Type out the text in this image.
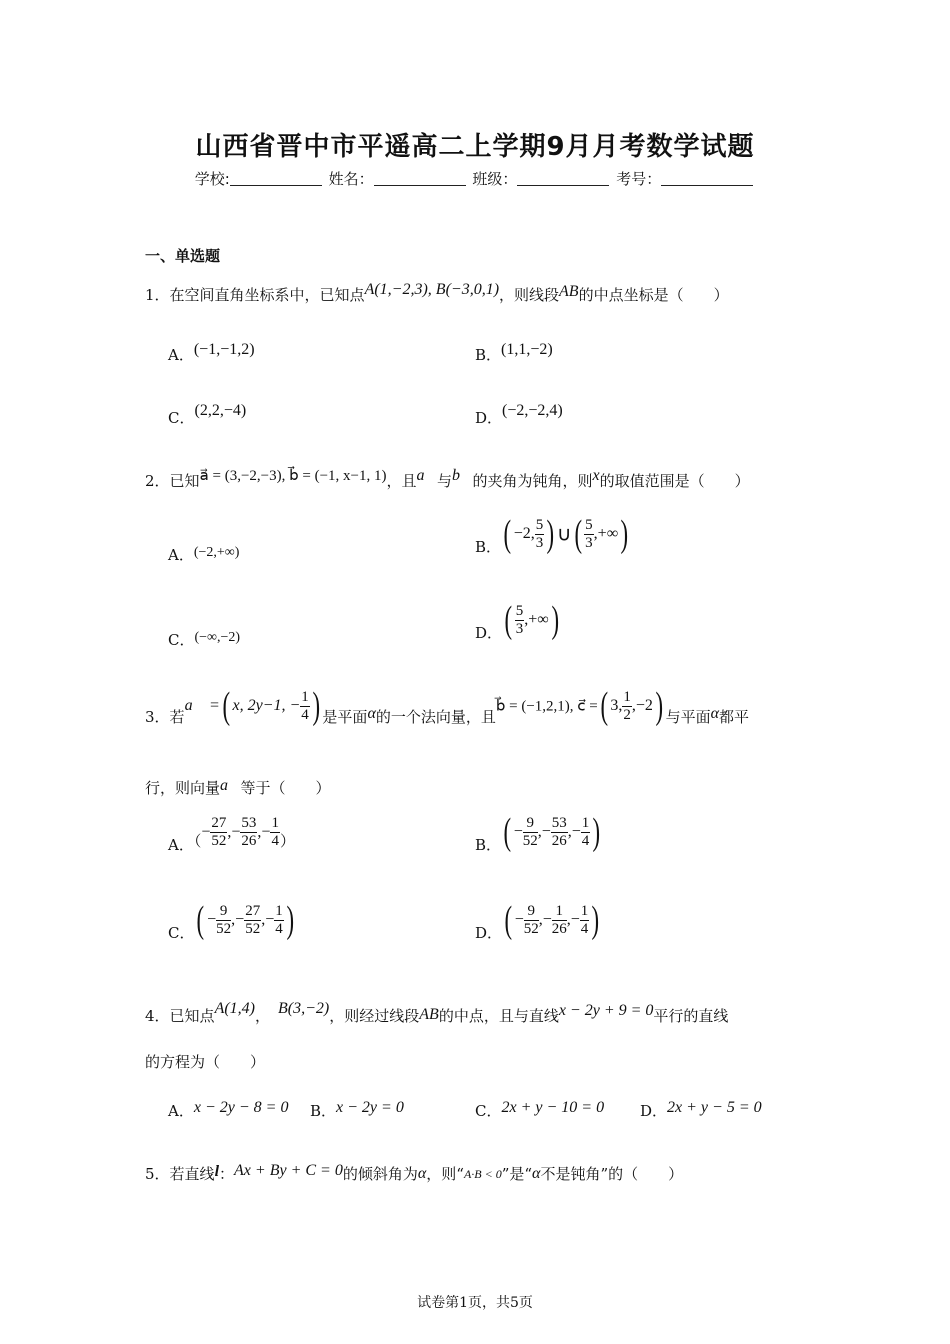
山西省晋中市平遥高二上学期9月月考数学试题
学校:	姓名：	班级：	考号：
一、单选题
1．在空间直角坐标系中，已知点A(1,−2,3), B(−3,0,1)，则线段AB的中点坐标是（　　）
A．(−1,−1,2)	B．(1,1,−2)
C．(2,2,−4)	D．(−2,−2,4)
2．已知a⃗ = (3,−2,−3), b⃗ = (−1, x−1, 1)，且a⃗与b⃗的夹角为钝角，则x的取值范围是（　　）
A．(−2,+∞)	B．( −2, $\frac{5}{3}$ ) ∪( $\frac{5}{3}$ ,+∞)
C．(−∞,−2)	D．( $\frac{5}{3}$ ,+∞)
3．若a⃗ =( x, 2y−1, − $\frac{1}{4}$ ) 是平面α的一个法向量，且b⃗ = (−1,2,1), c⃗ =( 3, $\frac{1}{2} ,-2$) 与平面α都平
行，则向量a⃗等于（　　）
A．（− $\frac{27}{52}$ ,− $\frac{53}{26}$ ,− $\frac{1}{4}$ ）	B．( − $\frac{9}{52}$ ,− $\frac{53}{26}$ ,− $\frac{1}{4}$ )
C．( − $\frac{9}{52}$ ,− $\frac{27}{52}$ ,− $\frac{1}{4}$ )	D．( − $\frac{9}{52}$ ,− $\frac{1}{26}$ ,− $\frac{1}{4}$ )
4．已知点A(1,4)， B(3,−2)，则经过线段AB的中点，且与直线x − 2y + 9 = 0平行的直线
的方程为（　　）
A．x − 2y − 8 = 0 B．x − 2y = 0	C．2x + y − 10 = 0 D．2x + y − 5 = 0
5．若直线l：Ax + By + C = 0的倾斜角为α，则“A·B < 0”是“α不是钝角”的（　　）
试卷第1页，共5页
